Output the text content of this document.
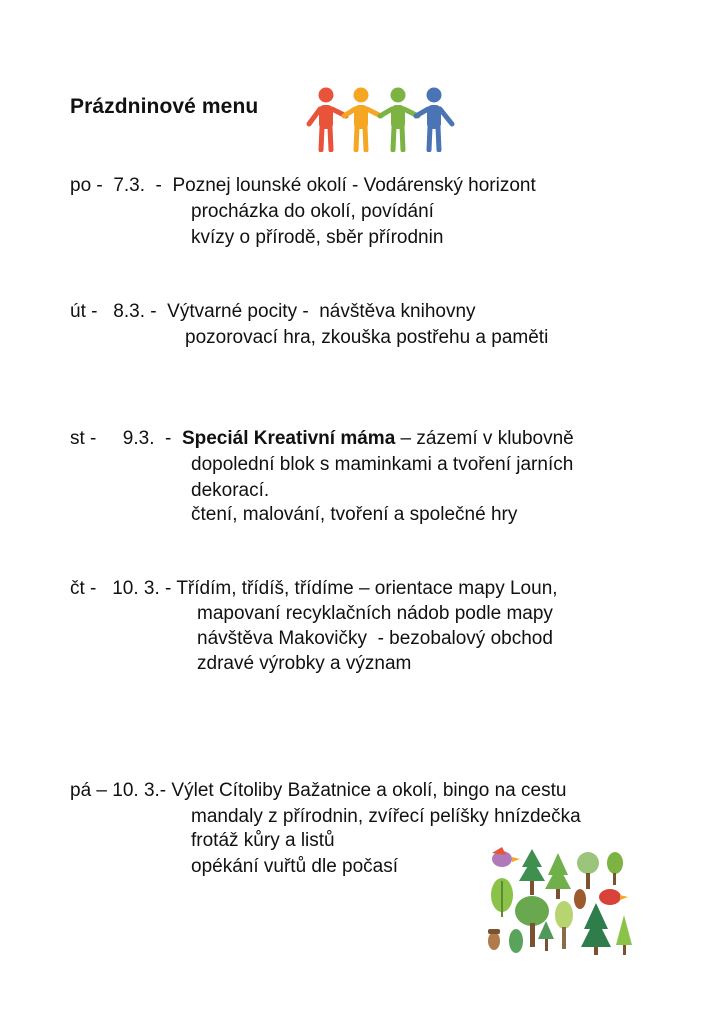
Prázdninové menu
po - 7.3.  - Poznej lounské okolí - Vodárenský horizont
procházka do okolí, povídání
kvízy o přírodě, sběr přírodnin
út - 8.3. - Výtvarné pocity -  návštěva knihovny
pozorovací hra, zkouška postřehu a paměti
st - 9.3.  - Speciál Kreativní máma – zázemí v klubovně
dopolední blok s maminkami a tvoření jarních
dekorací.
čtení, malování, tvoření a společné hry
čt - 10. 3. - Třídím, třídíš, třídíme – orientace mapy Loun,
mapovaní recyklačních nádob podle mapy
návštěva Makovičky  - bezobalový obchod
zdravé výrobky a význam
pá – 10. 3.- Výlet Cítoliby Bažatnice a okolí, bingo na cestu
mandaly z přírodnin, zvířecí pelíšky hnízdečka
frotáž kůry a listů
opékání vuřtů dle počasí
